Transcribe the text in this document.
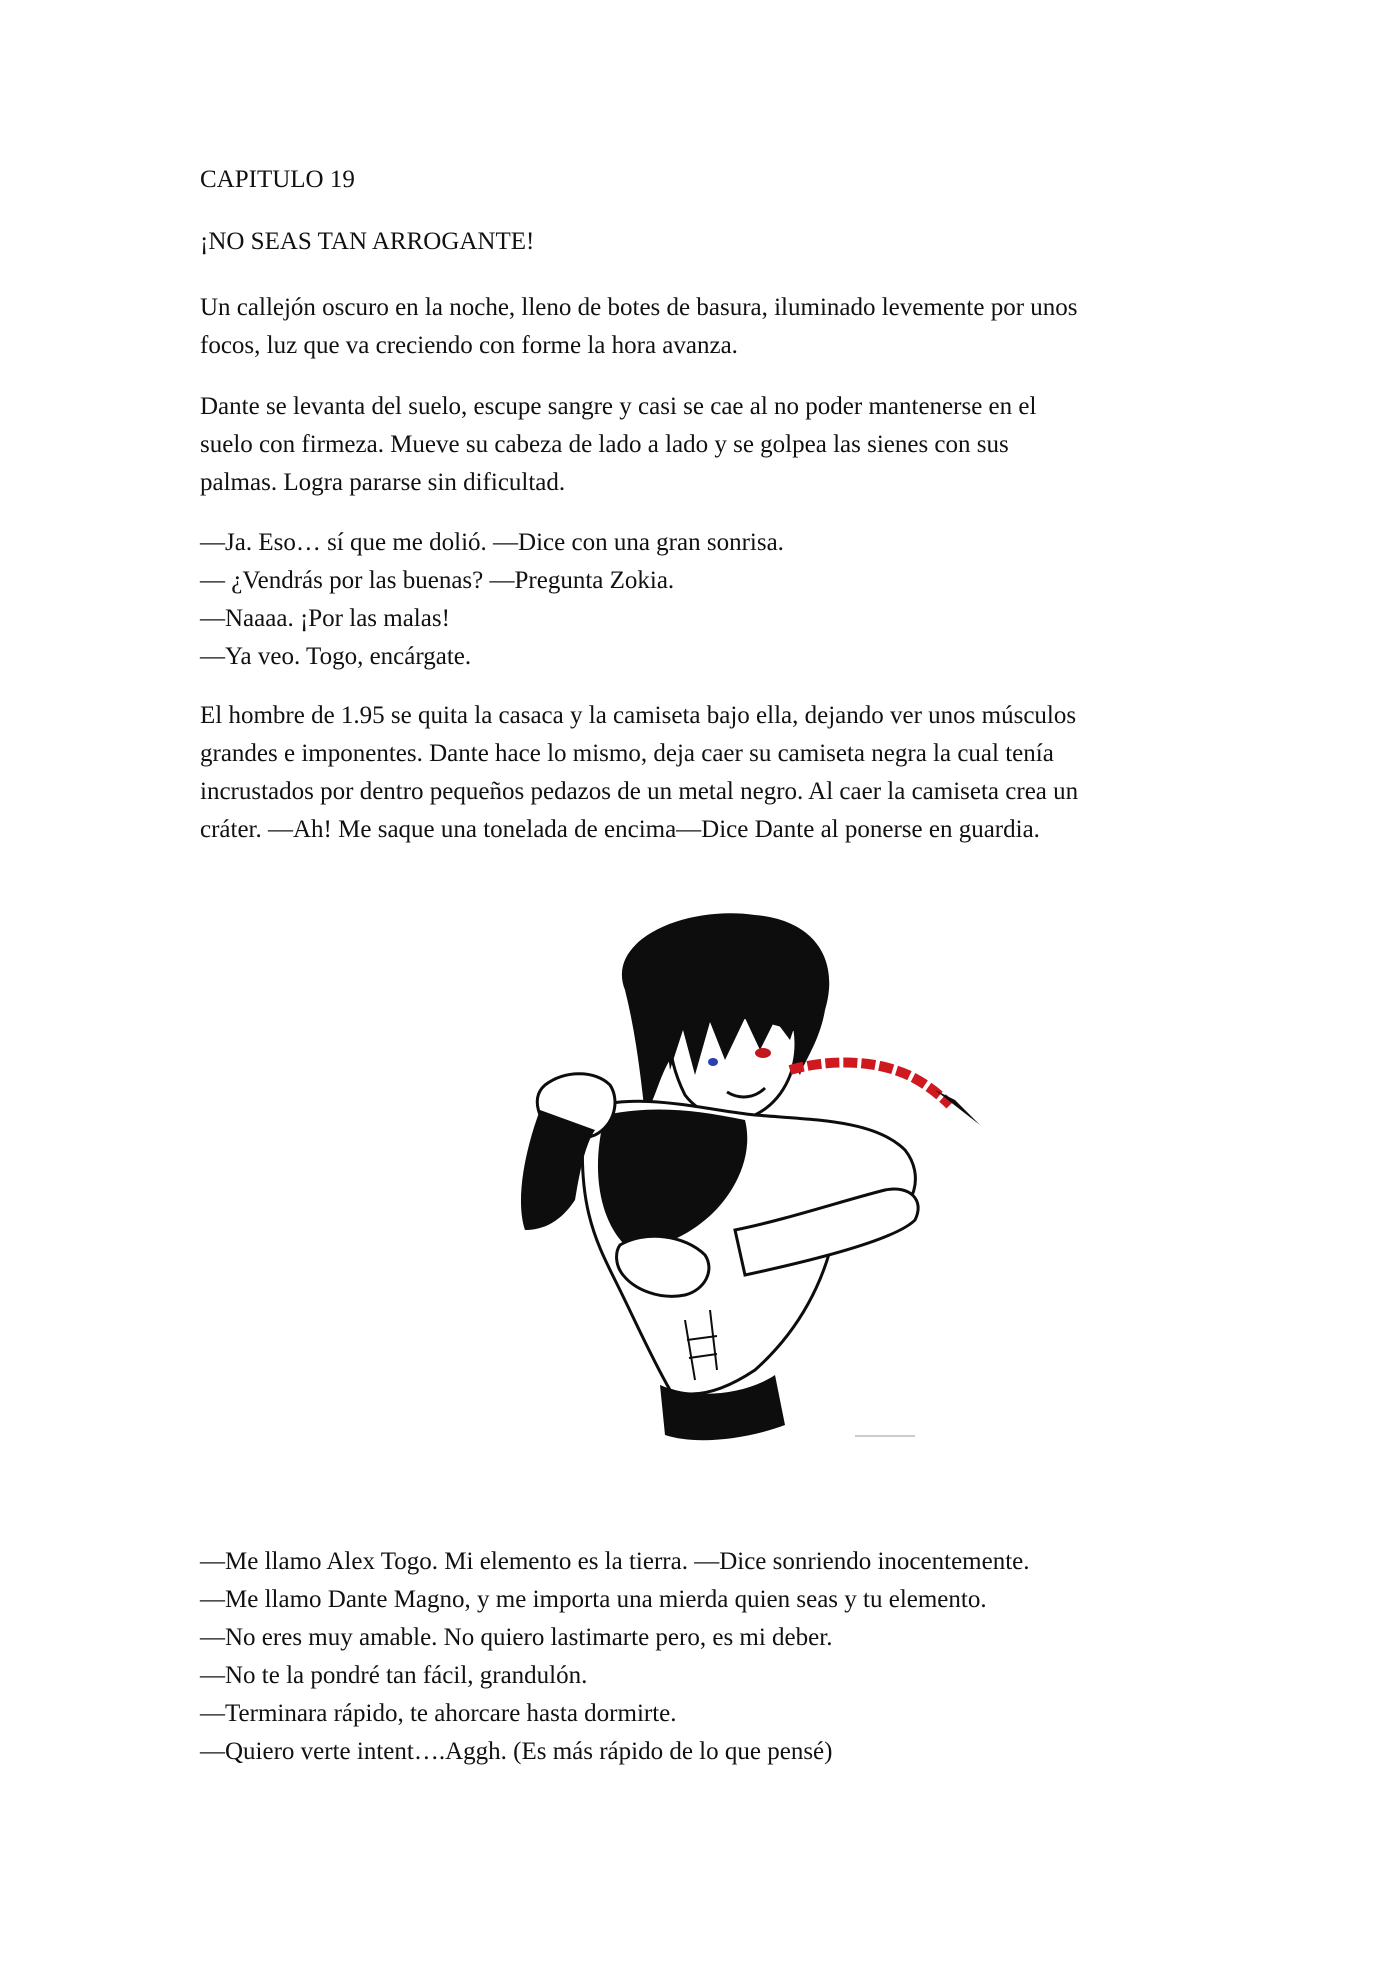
CAPITULO 19
¡NO SEAS TAN ARROGANTE!

Un callejón oscuro en la noche, lleno de botes de basura, iluminado levemente por unos
focos, luz que va creciendo con forme la hora avanza.

Dante se levanta del suelo, escupe sangre y casi se cae al no poder mantenerse en el
suelo con firmeza. Mueve su cabeza de lado a lado y se golpea las sienes con sus
palmas. Logra pararse sin dificultad.

—Ja. Eso… sí que me dolió. —Dice con una gran sonrisa.
— ¿Vendrás por las buenas? —Pregunta Zokia.
—Naaaa. ¡Por las malas!
—Ya veo. Togo, encárgate.

El hombre de 1.95 se quita la casaca y la camiseta bajo ella, dejando ver unos músculos
grandes e imponentes. Dante hace lo mismo, deja caer su camiseta negra la cual tenía
incrustados por dentro pequeños pedazos de un metal negro. Al caer la camiseta crea un
cráter. —Ah! Me saque una tonelada de encima—Dice Dante al ponerse en guardia.

—Me llamo Alex Togo. Mi elemento es la tierra. —Dice sonriendo inocentemente.
—Me llamo Dante Magno, y me importa una mierda quien seas y tu elemento.
—No eres muy amable. No quiero lastimarte pero, es mi deber.
—No te la pondré tan fácil, grandulón.
—Terminara rápido, te ahorcare hasta dormirte.
—Quiero verte intent….Aggh. (Es más rápido de lo que pensé)
